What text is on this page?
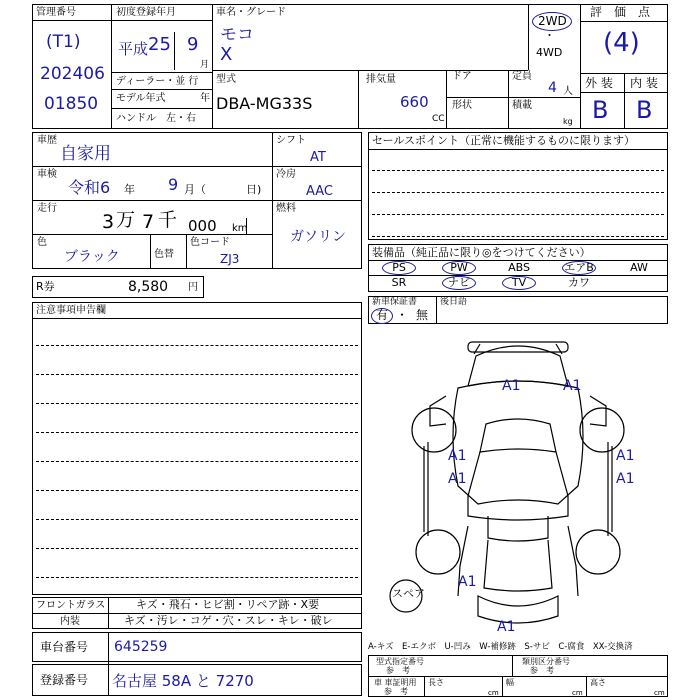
管理番号
(T1)
202406
01850
初度登録年月
平成 25 9
月
ディーラー・並 行
モデル年式	年
ハンドル　左・右
車名・グレード
モコ
X
2WD
・
4WD
型式
DBA-MG33S
排気量
660
CC
ドア
形状
定員
4 人
積載
kg
評　価　点
(4)
外 装 内 装
B B
車歴
自家用
車検
令和6 年 9 月（	日)
走行
3 万 7 千 000 km
色
ブラック	色替
色コード
ZJ3
シフト
AT
冷房
AAC
燃料
ガソリン
R券	8,580 円
注意事項申告欄
セールスポイント（正常に機能するものに限ります）
装備品（純正品に限り◎をつけてください）
PS	PW	ABS	エアB	AW
SR	ナビ	TV	カワ
新車保証書
有 ・ 無
後日語
スペア
A1	A1
A1	A1
A1	A1
A1
A1
フロントガラス	キズ・飛石・ヒビ割・リペア跡・X要
内装	キズ・汚レ・コゲ・穴・スレ・キレ・破レ
車台番号 645259
登録番号 名古屋 58A と 7270
A-キズ　E-エクボ　U-凹み　W-補修跡　S-サビ　C-腐食　XX-交換済
型式指定番号
参　考
類別区分番号
参　考
車 車証明用
参　考
長さ
cm
幅
cm
高さ
cm
